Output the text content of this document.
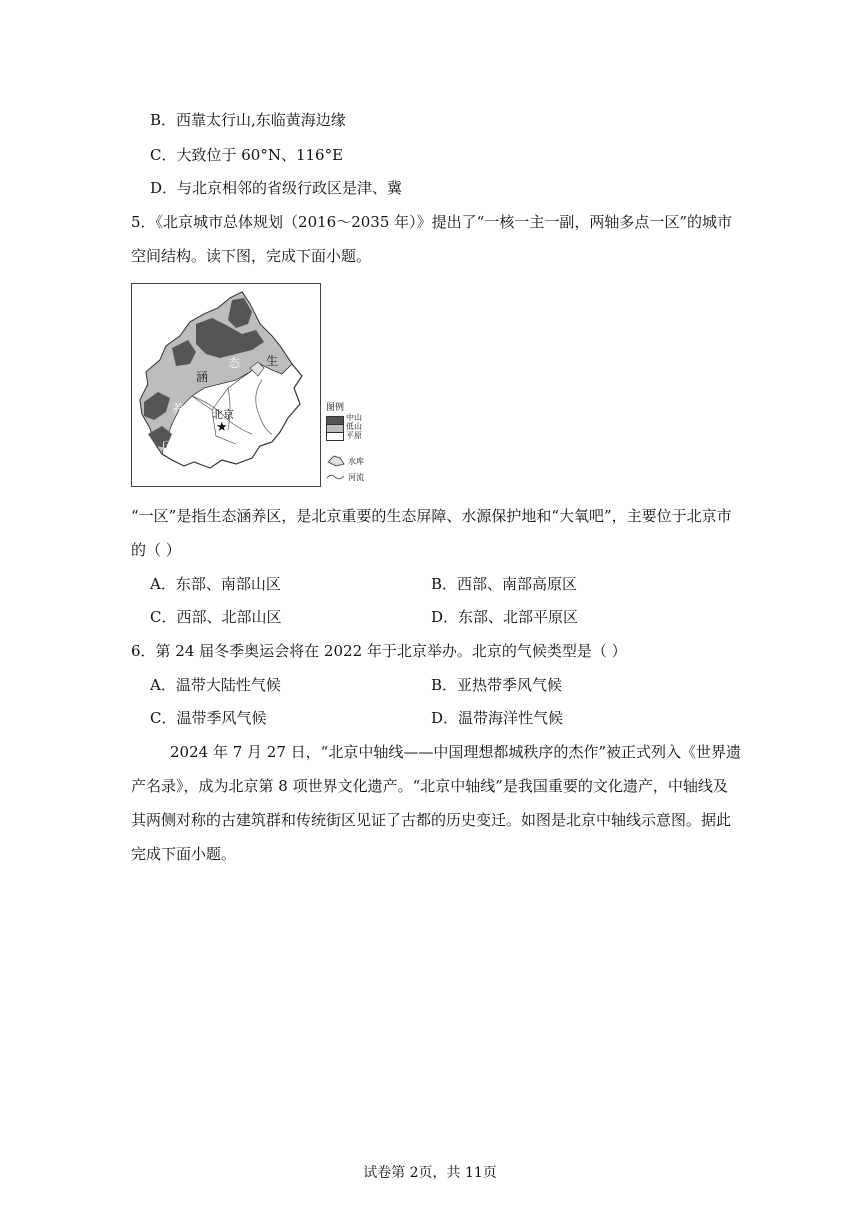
B．西靠太行山,东临黄海边缘
C．大致位于 60°N、116°E
D．与北京相邻的省级行政区是津、冀
5．《北京城市总体规划（2016～2035 年）》提出了“一核一主一副，两轴多点一区”的城市
空间结构。读下图，完成下面小题。
生
态
涵
养
区
北京
★
图例
中山
低山
平原
水库
河流
“一区”是指生态涵养区，是北京重要的生态屏障、水源保护地和“大氧吧”，主要位于北京市
的（ ）
A．东部、南部山区	B．西部、南部高原区
C．西部、北部山区	D．东部、北部平原区
6．第 24 届冬季奥运会将在 2022 年于北京举办。北京的气候类型是（ ）
A．温带大陆性气候	B．亚热带季风气候
C．温带季风气候	D．温带海洋性气候
2024 年 7 月 27 日，“北京中轴线——中国理想都城秩序的杰作”被正式列入《世界遗
产名录》，成为北京第 8 项世界文化遗产。“北京中轴线”是我国重要的文化遗产，中轴线及
其两侧对称的古建筑群和传统街区见证了古都的历史变迁。如图是北京中轴线示意图。据此
完成下面小题。
试卷第 2页，共 11页
